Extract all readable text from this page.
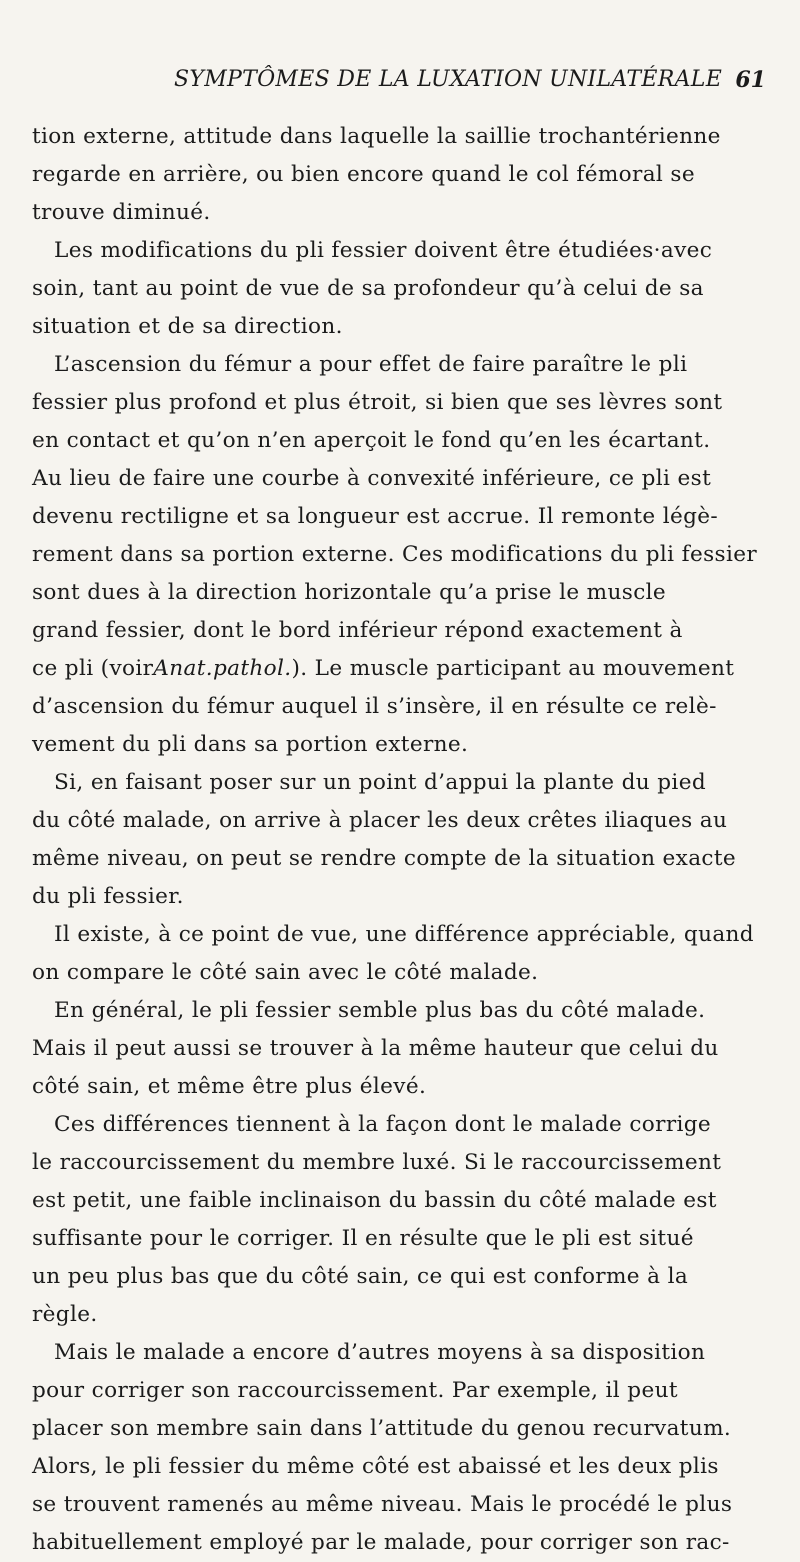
SYMPTÔMES DE LA LUXATION UNILATÉRALE 61
tion externe, attitude dans laquelle la saillie trochantérienne
regarde en arrière, ou bien encore quand le col fémoral se
trouve diminué.
Les modifications du pli fessier doivent être étudiées·avec
soin, tant au point de vue de sa profondeur qu’à celui de sa
situation et de sa direction.
L’ascension du fémur a pour effet de faire paraître le pli
fessier plus profond et plus étroit, si bien que ses lèvres sont
en contact et qu’on n’en aperçoit le fond qu’en les écartant.
Au lieu de faire une courbe à convexité inférieure, ce pli est
devenu rectiligne et sa longueur est accrue. Il remonte légè-
rement dans sa portion externe. Ces modifications du pli fessier
sont dues à la direction horizontale qu’a prise le muscle
grand fessier, dont le bord inférieur répond exactement à
ce pli (voirAnat.pathol.). Le muscle participant au mouvement
d’ascension du fémur auquel il s’insère, il en résulte ce relè-
vement du pli dans sa portion externe.
Si, en faisant poser sur un point d’appui la plante du pied
du côté malade, on arrive à placer les deux crêtes iliaques au
même niveau, on peut se rendre compte de la situation exacte
du pli fessier.
Il existe, à ce point de vue, une différence appréciable, quand
on compare le côté sain avec le côté malade.
En général, le pli fessier semble plus bas du côté malade.
Mais il peut aussi se trouver à la même hauteur que celui du
côté sain, et même être plus élevé.
Ces différences tiennent à la façon dont le malade corrige
le raccourcissement du membre luxé. Si le raccourcissement
est petit, une faible inclinaison du bassin du côté malade est
suffisante pour le corriger. Il en résulte que le pli est situé
un peu plus bas que du côté sain, ce qui est conforme à la
règle.
Mais le malade a encore d’autres moyens à sa disposition
pour corriger son raccourcissement. Par exemple, il peut
placer son membre sain dans l’attitude du genou recurvatum.
Alors, le pli fessier du même côté est abaissé et les deux plis
se trouvent ramenés au même niveau. Mais le procédé le plus
habituellement employé par le malade, pour corriger son rac-
